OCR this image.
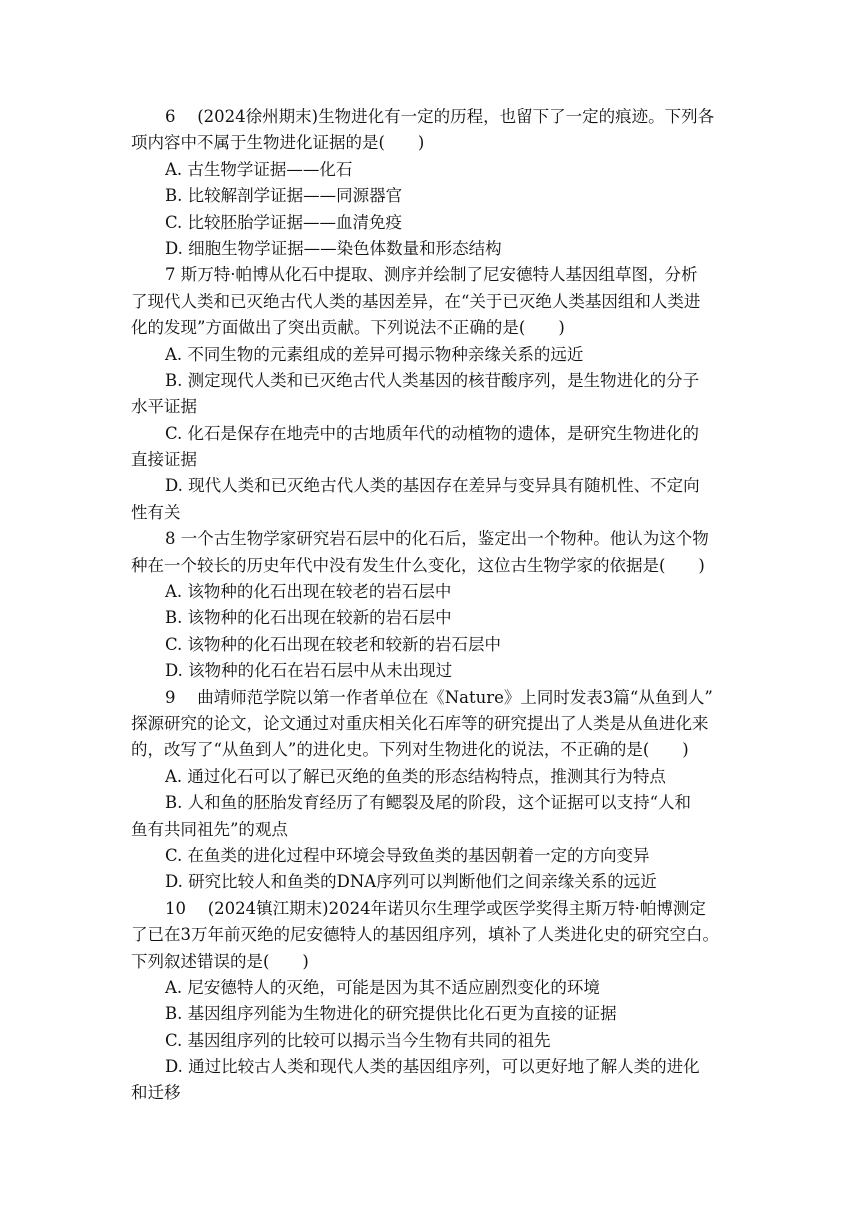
6　 (2024徐州期末)生物进化有一定的历程，也留下了一定的痕迹。下列各
项内容中不属于生物进化证据的是(　　)
A. 古生物学证据——化石
B. 比较解剖学证据——同源器官
C. 比较胚胎学证据——血清免疫
D. 细胞生物学证据——染色体数量和形态结构
7 斯万特·帕博从化石中提取、测序并绘制了尼安德特人基因组草图，分析
了现代人类和已灭绝古代人类的基因差异，在“关于已灭绝人类基因组和人类进
化的发现”方面做出了突出贡献。下列说法不正确的是(　　)
A. 不同生物的元素组成的差异可揭示物种亲缘关系的远近
B. 测定现代人类和已灭绝古代人类基因的核苷酸序列，是生物进化的分子
水平证据
C. 化石是保存在地壳中的古地质年代的动植物的遗体，是研究生物进化的
直接证据
D. 现代人类和已灭绝古代人类的基因存在差异与变异具有随机性、不定向
性有关
8 一个古生物学家研究岩石层中的化石后，鉴定出一个物种。他认为这个物
种在一个较长的历史年代中没有发生什么变化，这位古生物学家的依据是(　　)
A. 该物种的化石出现在较老的岩石层中
B. 该物种的化石出现在较新的岩石层中
C. 该物种的化石出现在较老和较新的岩石层中
D. 该物种的化石在岩石层中从未出现过
9　 曲靖师范学院以第一作者单位在《Nature》上同时发表3篇“从鱼到人”
探源研究的论文，论文通过对重庆相关化石库等的研究提出了人类是从鱼进化来
的，改写了“从鱼到人”的进化史。下列对生物进化的说法，不正确的是(　　)
A. 通过化石可以了解已灭绝的鱼类的形态结构特点，推测其行为特点
B. 人和鱼的胚胎发育经历了有鳃裂及尾的阶段，这个证据可以支持“人和
鱼有共同祖先”的观点
C. 在鱼类的进化过程中环境会导致鱼类的基因朝着一定的方向变异
D. 研究比较人和鱼类的DNA序列可以判断他们之间亲缘关系的远近
10　 (2024镇江期末)2024年诺贝尔生理学或医学奖得主斯万特·帕博测定
了已在3万年前灭绝的尼安德特人的基因组序列，填补了人类进化史的研究空白。
下列叙述错误的是(　　)
A. 尼安德特人的灭绝，可能是因为其不适应剧烈变化的环境
B. 基因组序列能为生物进化的研究提供比化石更为直接的证据
C. 基因组序列的比较可以揭示当今生物有共同的祖先
D. 通过比较古人类和现代人类的基因组序列，可以更好地了解人类的进化
和迁移
